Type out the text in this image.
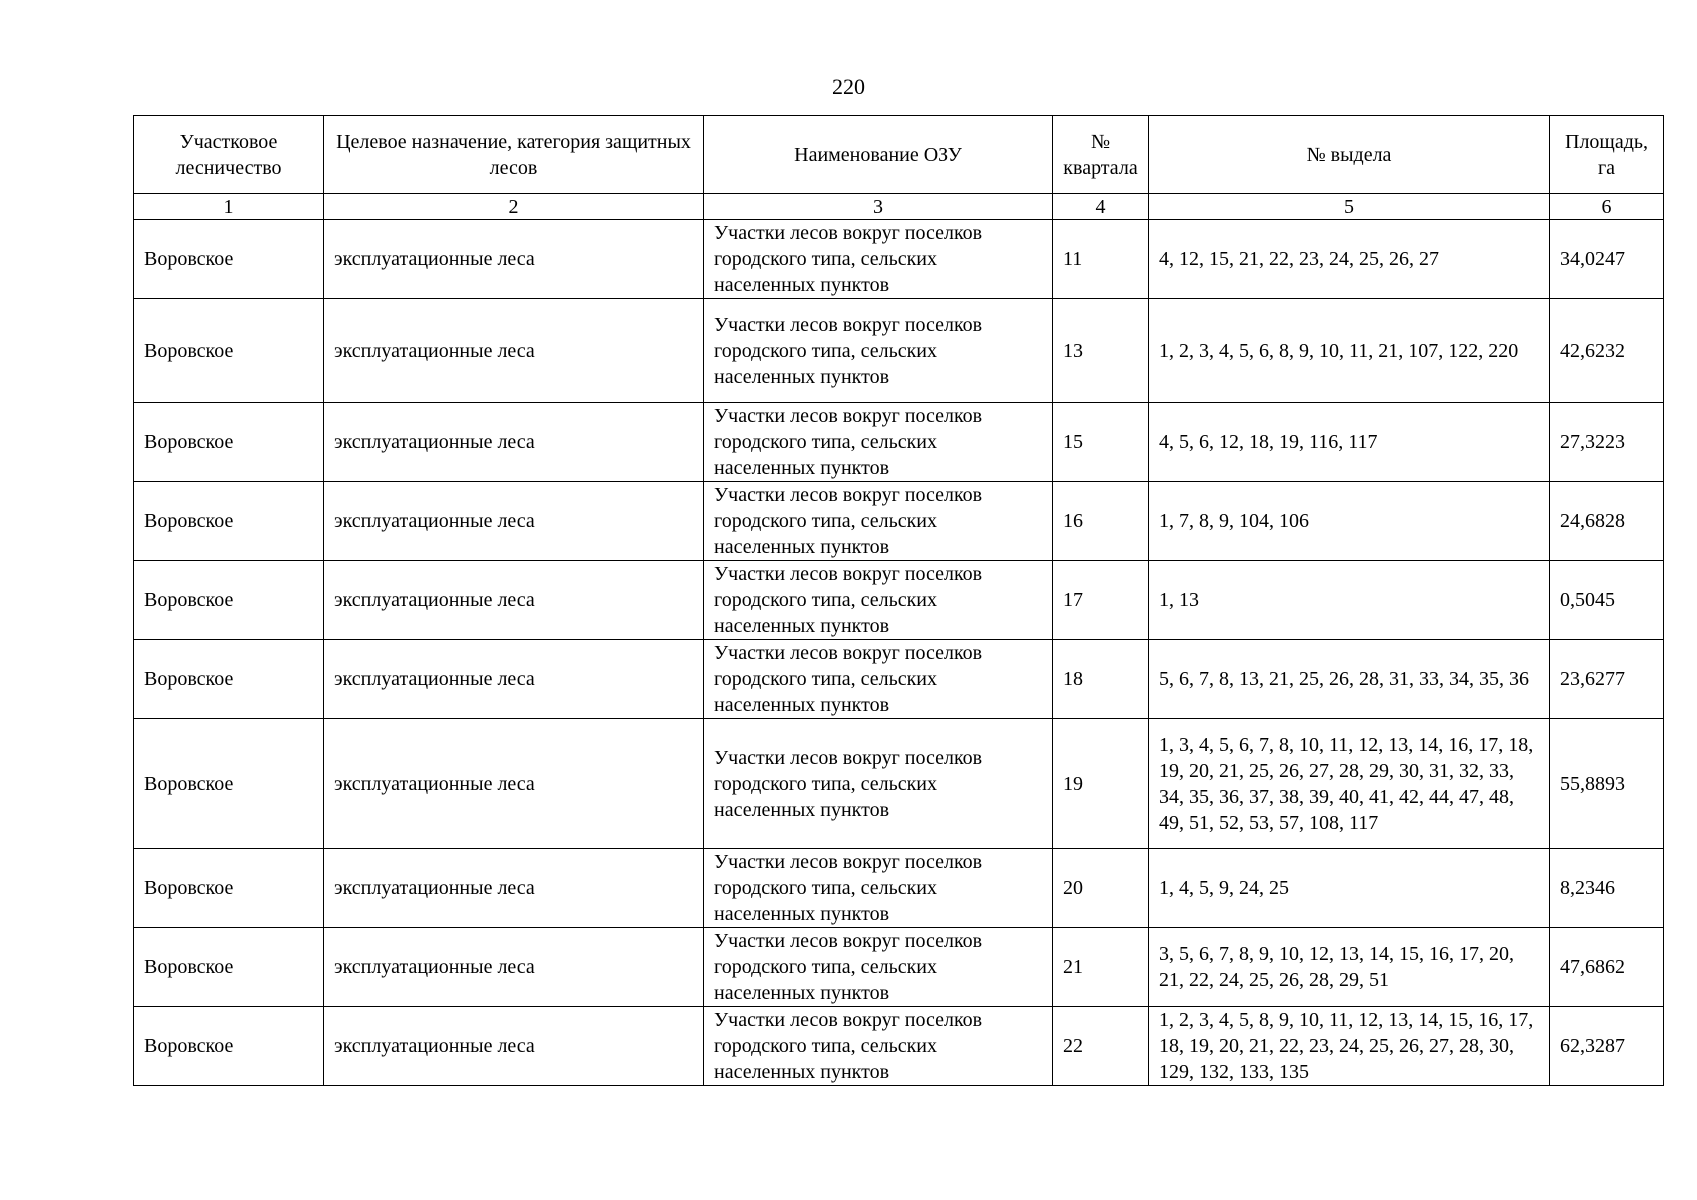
220
Участковое лесничество	Целевое назначение, категория защитных лесов	Наименование ОЗУ	№ квартала	№ выдела	Площадь, га
1	2	3	4	5	6
Воровское	эксплуатационные леса	Участки лесов вокруг поселков городского типа, сельских населенных пунктов	11	4, 12, 15, 21, 22, 23, 24, 25, 26, 27	34,0247
Воровское	эксплуатационные леса	Участки лесов вокруг поселков городского типа, сельских населенных пунктов	13	1, 2, 3, 4, 5, 6, 8, 9, 10, 11, 21, 107, 122, 220	42,6232
Воровское	эксплуатационные леса	Участки лесов вокруг поселков городского типа, сельских населенных пунктов	15	4, 5, 6, 12, 18, 19, 116, 117	27,3223
Воровское	эксплуатационные леса	Участки лесов вокруг поселков городского типа, сельских населенных пунктов	16	1, 7, 8, 9, 104, 106	24,6828
Воровское	эксплуатационные леса	Участки лесов вокруг поселков городского типа, сельских населенных пунктов	17	1, 13	0,5045
Воровское	эксплуатационные леса	Участки лесов вокруг поселков городского типа, сельских населенных пунктов	18	5, 6, 7, 8, 13, 21, 25, 26, 28, 31, 33, 34, 35, 36	23,6277
Воровское	эксплуатационные леса	Участки лесов вокруг поселков городского типа, сельских населенных пунктов	19	1, 3, 4, 5, 6, 7, 8, 10, 11, 12, 13, 14, 16, 17, 18, 19, 20, 21, 25, 26, 27, 28, 29, 30, 31, 32, 33, 34, 35, 36, 37, 38, 39, 40, 41, 42, 44, 47, 48, 49, 51, 52, 53, 57, 108, 117	55,8893
Воровское	эксплуатационные леса	Участки лесов вокруг поселков городского типа, сельских населенных пунктов	20	1, 4, 5, 9, 24, 25	8,2346
Воровское	эксплуатационные леса	Участки лесов вокруг поселков городского типа, сельских населенных пунктов	21	3, 5, 6, 7, 8, 9, 10, 12, 13, 14, 15, 16, 17, 20, 21, 22, 24, 25, 26, 28, 29, 51	47,6862
Воровское	эксплуатационные леса	Участки лесов вокруг поселков городского типа, сельских населенных пунктов	22	1, 2, 3, 4, 5, 8, 9, 10, 11, 12, 13, 14, 15, 16, 17, 18, 19, 20, 21, 22, 23, 24, 25, 26, 27, 28, 30, 129, 132, 133, 135	62,3287
